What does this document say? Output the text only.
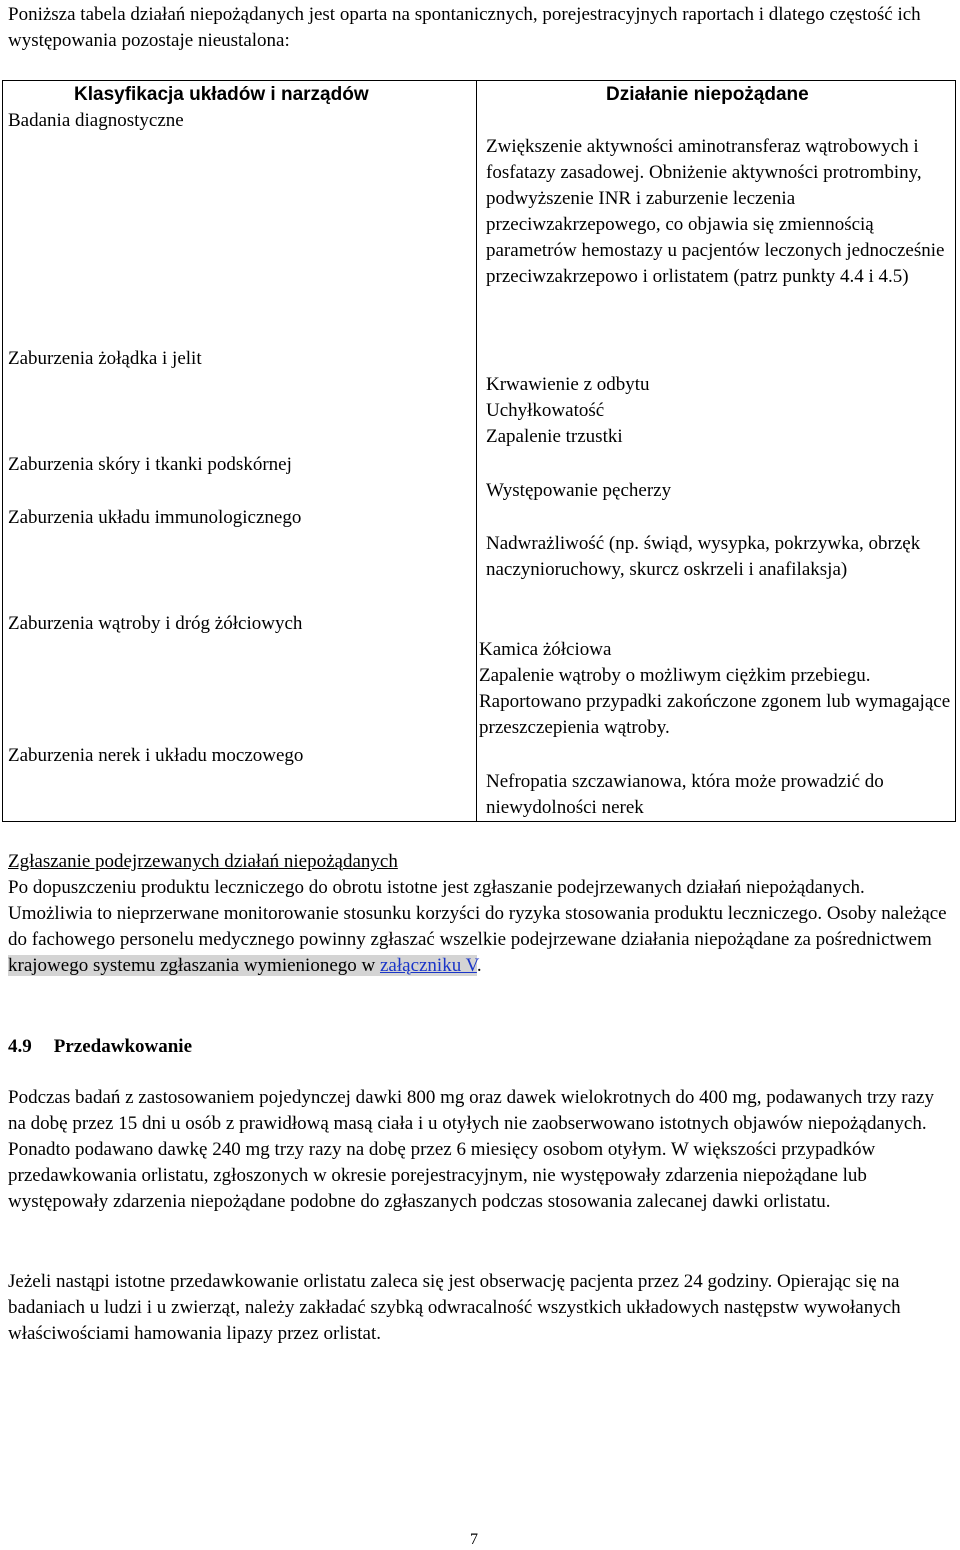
Poniższa tabela działań niepożądanych jest oparta na spontanicznych, porejestracyjnych raportach i dlatego częstość ich występowania pozostaje nieustalona:
Klasyfikacja układów i narządów	Działanie niepożądane
Badania diagnostyczne
Zwiększenie aktywności aminotransferaz wątrobowych i fosfatazy zasadowej. Obniżenie aktywności protrombiny, podwyższenie INR i zaburzenie leczenia przeciwzakrzepowego, co objawia się zmiennością parametrów hemostazy u pacjentów leczonych jednocześnie przeciwzakrzepowo i orlistatem (patrz punkty 4.4 i 4.5)
Zaburzenia żołądka i jelit
Krwawienie z odbytu
Uchyłkowatość
Zapalenie trzustki
Zaburzenia skóry i tkanki podskórnej
Występowanie pęcherzy
Zaburzenia układu immunologicznego
Nadwrażliwość (np. świąd, wysypka, pokrzywka, obrzęk naczynioruchowy, skurcz oskrzeli i anafilaksja)
Zaburzenia wątroby i dróg żółciowych
Kamica żółciowa
Zapalenie wątroby o możliwym ciężkim przebiegu. Raportowano przypadki zakończone zgonem lub wymagające przeszczepienia wątroby.
Zaburzenia nerek i układu moczowego
Nefropatia szczawianowa, która może prowadzić do niewydolności nerek
Zgłaszanie podejrzewanych działań niepożądanych
Po dopuszczeniu produktu leczniczego do obrotu istotne jest zgłaszanie podejrzewanych działań niepożądanych. Umożliwia to nieprzerwane monitorowanie stosunku korzyści do ryzyka stosowania produktu leczniczego. Osoby należące do fachowego personelu medycznego powinny zgłaszać wszelkie podejrzewane działania niepożądane za pośrednictwem krajowego systemu zgłaszania wymienionego w załączniku V.
4.9 Przedawkowanie
Podczas badań z zastosowaniem pojedynczej dawki 800 mg oraz dawek wielokrotnych do 400 mg, podawanych trzy razy na dobę przez 15 dni u osób z prawidłową masą ciała i u otyłych nie zaobserwowano istotnych objawów niepożądanych. Ponadto podawano dawkę 240 mg trzy razy na dobę przez 6 miesięcy osobom otyłym. W większości przypadków przedawkowania orlistatu, zgłoszonych w okresie porejestracyjnym, nie występowały zdarzenia niepożądane lub występowały zdarzenia niepożądane podobne do zgłaszanych podczas stosowania zalecanej dawki orlistatu.
Jeżeli nastąpi istotne przedawkowanie orlistatu zaleca się jest obserwację pacjenta przez 24 godziny. Opierając się na badaniach u ludzi i u zwierząt, należy zakładać szybką odwracalność wszystkich układowych następstw wywołanych właściwościami hamowania lipazy przez orlistat.
7
